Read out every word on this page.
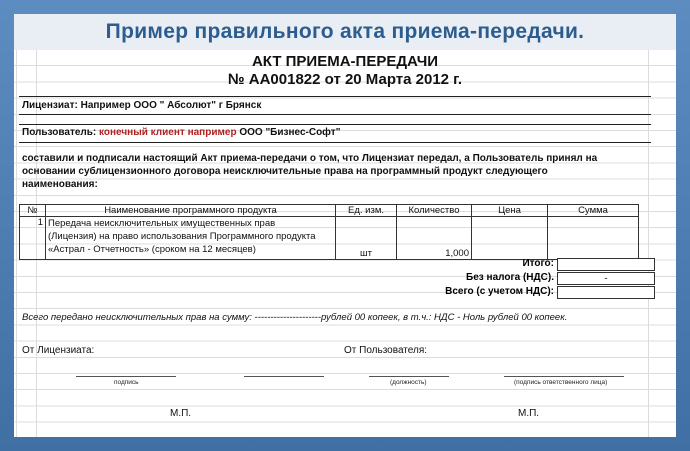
Пример правильного акта приема-передачи.
АКТ ПРИЕМА-ПЕРЕДАЧИ
№ АА001822 от 20 Марта 2012 г.
Лицензиат: Например ООО " Абсолют" г Брянск
Пользователь: конечный клиент например ООО "Бизнес-Софт"
составили и подписали настоящий Акт приема-передачи о том, что Лицензиат передал, а Пользователь принял на
основании сублицензионного договора неисключительные права на программный продукт следующего
наименования:
№	Наименование программного продукта	Ед. изм.	Количество	Цена	Сумма
1	Передача неисключительных имущественных прав
(Лицензия) на право использования Программного продукта
«Астрал - Отчетность» (сроком на 12 месяцев)	шт	1,000		
Итого:
Без налога (НДС).	-
Всего (с учетом НДС):
Всего передано неисключительных прав на сумму: ---------------------рублей 00 копеек, в т.ч.: НДС - Ноль рублей 00 копеек.
От Лицензиата:	От Пользователя:
подпись	(должность)	(подпись ответственного лица)
М.П.	М.П.
